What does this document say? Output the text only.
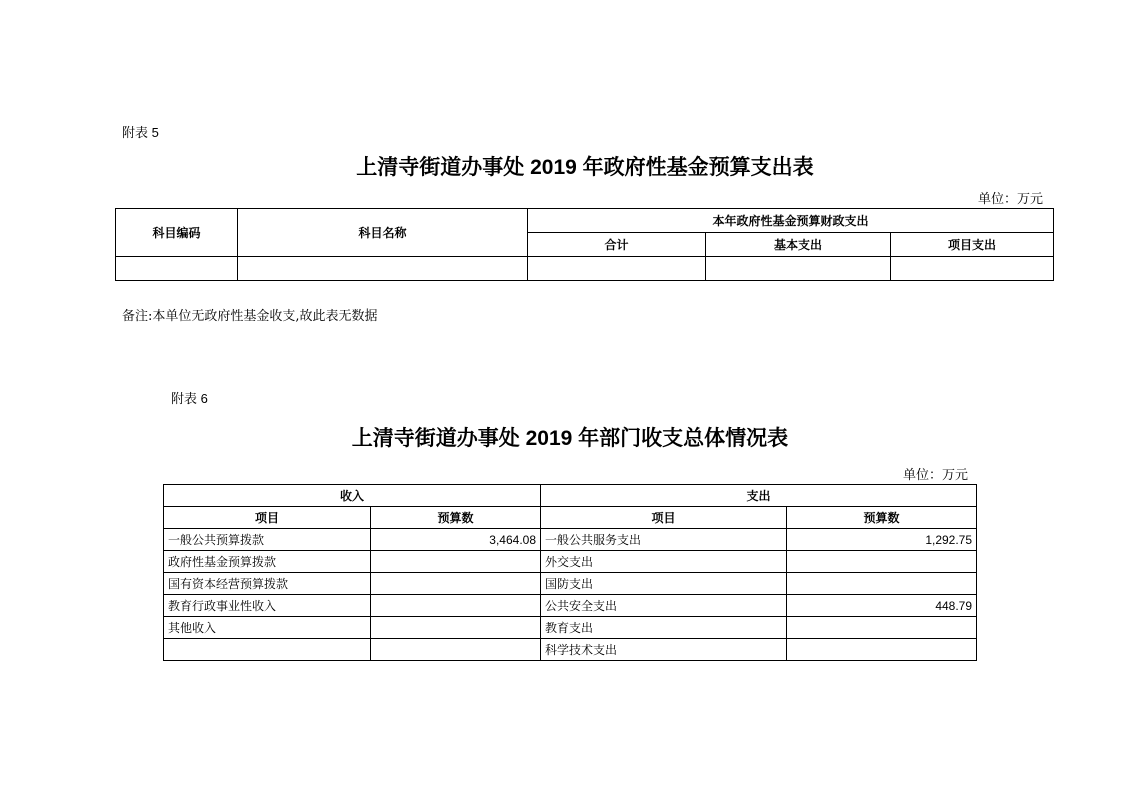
附表 5
上清寺街道办事处 2019 年政府性基金预算支出表
单位：万元
科目编码	科目名称	本年政府性基金预算财政支出		
		合计	基本支出	项目支出

备注:本单位无政府性基金收支,故此表无数据
附表 6
上清寺街道办事处 2019 年部门收支总体情况表
单位：万元
收入		支出	
项目	预算数	项目	预算数
一般公共预算拨款	3,464.08	一般公共服务支出	1,292.75
政府性基金预算拨款		外交支出	
国有资本经营预算拨款		国防支出	
教育行政事业性收入		公共安全支出	448.79
其他收入		教育支出	
		科学技术支出	
